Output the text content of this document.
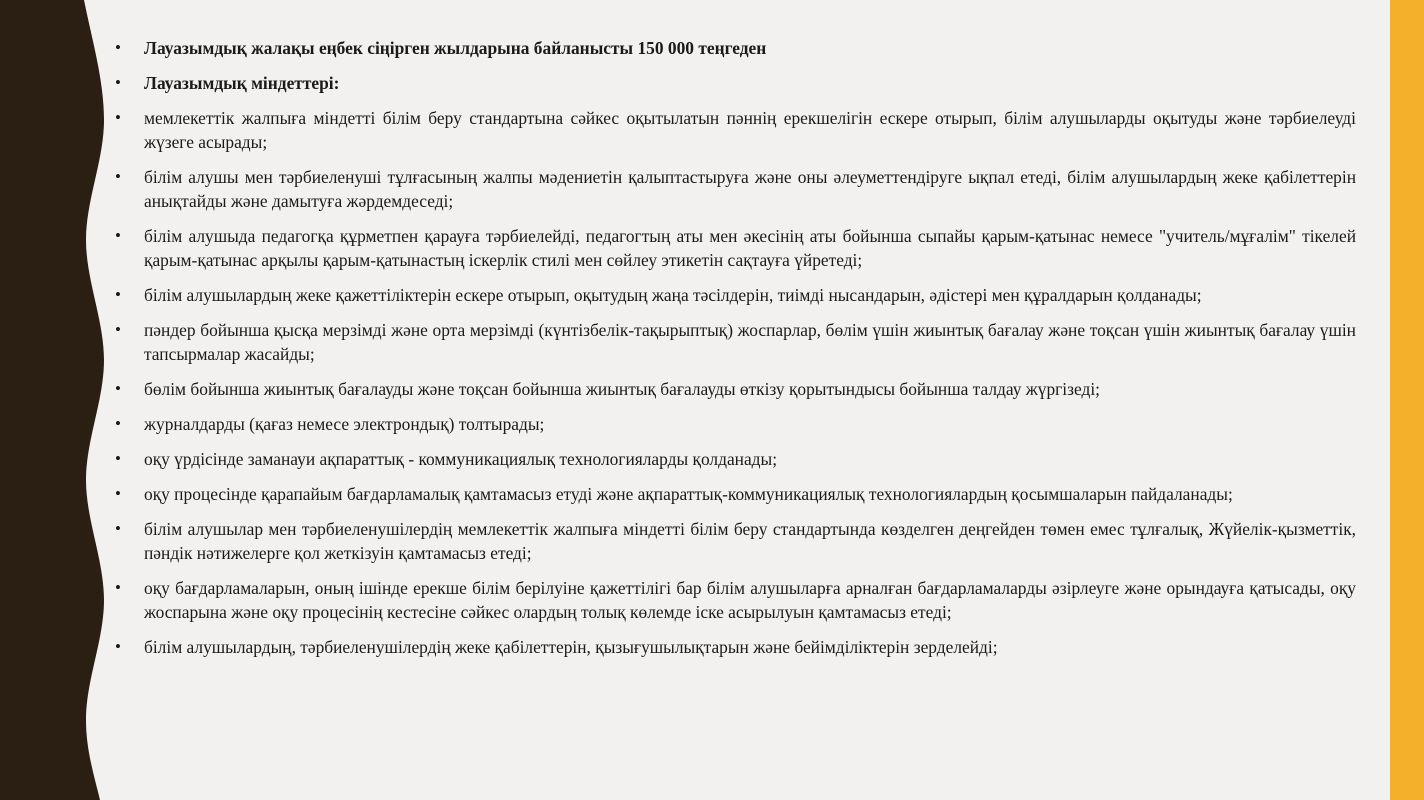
•	Лауазымдық жалақы еңбек сіңірген жылдарына байланысты 150 000 теңгеден
•	Лауазымдық міндеттері:
•	мемлекеттік жалпыға міндетті білім беру стандартына сәйкес оқытылатын пәннің ерекшелігін ескере отырып, білім алушыларды оқытуды және тәрбиелеуді жүзеге асырады;
•	білім алушы мен тәрбиеленуші тұлғасының жалпы мәдениетін қалыптастыруға және оны әлеуметтендіруге ықпал етеді, білім алушылардың жеке қабілеттерін анықтайды және дамытуға жәрдемдеседі;
•	білім алушыда педагогқа құрметпен қарауға тәрбиелейді, педагогтың аты мен әкесінің аты бойынша сыпайы қарым-қатынас немесе "учитель/мұғалім" тікелей қарым-қатынас арқылы қарым-қатынастың іскерлік стилі мен сөйлеу этикетін сақтауға үйретеді;
•	білім алушылардың жеке қажеттіліктерін ескере отырып, оқытудың жаңа тәсілдерін, тиімді нысандарын, әдістері мен құралдарын қолданады;
•	пәндер бойынша қысқа мерзімді және орта мерзімді (күнтізбелік-тақырыптық) жоспарлар, бөлім үшін жиынтық бағалау және тоқсан үшін жиынтық бағалау үшін тапсырмалар жасайды;
•	бөлім бойынша жиынтық бағалауды және тоқсан бойынша жиынтық бағалауды өткізу қорытындысы бойынша талдау жүргізеді;
•	журналдарды (қағаз немесе электрондық) толтырады;
•	оқу үрдісінде заманауи ақпараттық - коммуникациялық технологияларды қолданады;
•	оқу процесінде қарапайым бағдарламалық қамтамасыз етуді және ақпараттық-коммуникациялық технологиялардың қосымшаларын пайдаланады;
•	білім алушылар мен тәрбиеленушілердің мемлекеттік жалпыға міндетті білім беру стандартында көзделген деңгейден төмен емес тұлғалық, Жүйелік-қызметтік, пәндік нәтижелерге қол жеткізуін қамтамасыз етеді;
•	оқу бағдарламаларын, оның ішінде ерекше білім берілуіне қажеттілігі бар білім алушыларға арналған бағдарламаларды әзірлеуге және орындауға қатысады, оқу жоспарына және оқу процесінің кестесіне сәйкес олардың толық көлемде іске асырылуын қамтамасыз етеді;
•	білім алушылардың, тәрбиеленушілердің жеке қабілеттерін, қызығушылықтарын және бейімділіктерін зерделейді;
